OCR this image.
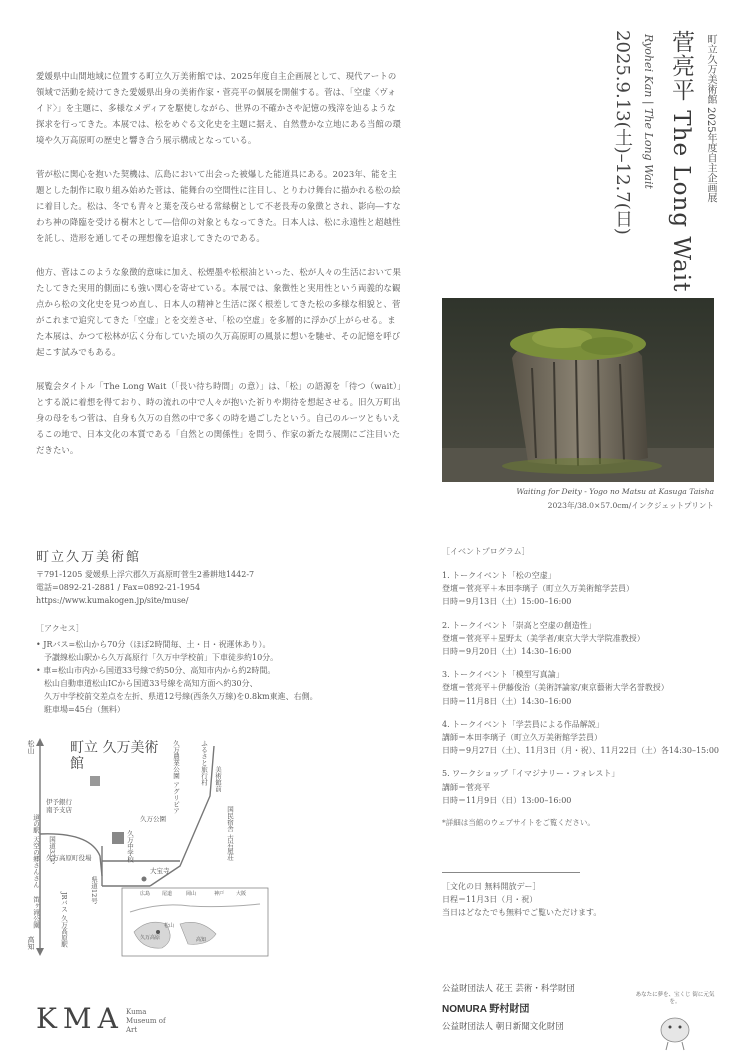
町立久万美術館 2025年度自主企画展
菅亮平 The Long Wait
Ryohei Kan | The Long Wait
2025.9.13(土)–12.7(日)

愛媛県中山間地域に位置する町立久万美術館では、2025年度自主企画展として、現代アートの領域で活動を続けてきた愛媛県出身の美術作家・菅亮平の個展を開催する。菅は、「空虚〈ヴォイド〉」を主題に、多様なメディアを駆使しながら、世界の不確かさや記憶の残滓を辿るような探求を行ってきた。本展では、松をめぐる文化史を主題に据え、自然豊かな立地にある当館の環境や久万高原町の歴史と響き合う展示構成となっている。

菅が松に関心を抱いた契機は、広島において出会った被爆した能道具にある。2023年、能を主題とした制作に取り組み始めた菅は、能舞台の空間性に注目し、とりわけ舞台に描かれる松の絵に着目した。松は、冬でも青々と葉を茂らせる常緑樹として不老長寿の象徴とされ、影向―すなわち神の降臨を受ける樹木として―信仰の対象ともなってきた。日本人は、松に永遠性と超越性を託し、造形を通してその理想像を追求してきたのである。

他方、菅はこのような象徴的意味に加え、松煙墨や松根油といった、松が人々の生活において果たしてきた実用的側面にも強い関心を寄せている。本展では、象徴性と実用性という両義的な観点から松の文化史を見つめ直し、日本人の精神と生活に深く根差してきた松の多様な相貌と、菅がこれまで追究してきた「空虚」とを交差させ、「松の空虚」を多層的に浮かび上がらせる。また本展は、かつて松林が広く分布していた頃の久万高原町の風景に想いを馳せ、その記憶を呼び起こす試みでもある。

展覧会タイトル「The Long Wait（「長い待ち時間」の意）」は、「松」の語源を「待つ（wait）」とする説に着想を得ており、時の流れの中で人々が抱いた祈りや期待を想起させる。旧久万町出身の母をもつ菅は、自身も久万の自然の中で多くの時を過ごしたという。自己のルーツともいえるこの地で、日本文化の本質である「自然との関係性」を問う、作家の新たな展開にご注目いただきたい。

Waiting for Deity - Yogo no Matsu at Kasuga Taisha
2023年/38.0×57.0cm/インクジェットプリント
町立久万美術館
〒791-1205 愛媛県上浮穴郡久万高原町菅生2番耕地1442-7
電話=0892-21-2881 / Fax=0892-21-1954
https://www.kumakogen.jp/site/muse/
［アクセス］
• JRバス=松山から70分（ほぼ2時間毎、土・日・祝運休あり）。
　予讃線松山駅から久万高原行「久万中学校前」下車徒歩約10分。
• 車=松山市内から国道33号線で約50分、高知市内から約2時間。
　松山自動車道松山ICから国道33号線を高知方面へ約30分、
　久万中学校前交差点を左折、県道12号線(西条久万線)を0.8km東進、右側。
　駐車場=45台（無料）
松山
高知
町立 久万美術館
伊予銀行 南予支店
道の駅 天空の郷さんさん 国道33号
久万高原町役場
JRバス 久万高原駅
笛ヶ滝公園
久万公園
久万中学校
県道12号
大宝寺
久万農業公園 アグリピア	ふるさと旅行村 美術館前
国民宿舎 古岩屋荘
広島 尾道	岡山	神戸 大阪
松山
久万高原	高知
KMA Kuma Museum of Art
［イベントプログラム］
1. トークイベント「松の空虚」
登壇＝菅亮平＋本田李璃子（町立久万美術館学芸員）
日時＝9月13日（土）15:00–16:00
2. トークイベント「崇高と空虚の創造性」
登壇＝菅亮平＋星野太（美学者/東京大学大学院准教授）
日時＝9月20日（土）14:30–16:00
3. トークイベント「模型写真論」
登壇＝菅亮平＋伊藤俊治（美術評論家/東京藝術大学名誉教授）
日時＝11月8日（土）14:30–16:00
4. トークイベント「学芸員による作品解説」
講師＝本田李璃子（町立久万美術館学芸員）
日時＝9月27日（土）、11月3日（月・祝）、11月22日（土）各14:30–15:00
5. ワークショップ「イマジナリー・フォレスト」
講師＝菅亮平
日時＝11月9日（日）13:00–16:00
*詳細は当館のウェブサイトをご覧ください。
［文化の日 無料開放デー］
日程＝11月3日（月・祝）
当日はどなたでも無料でご覧いただけます。
公益財団法人 花王 芸術・科学財団
NOMURA 野村財団
公益財団法人 朝日新聞文化財団
あなたに夢を、宝くじ 街に元気を。
